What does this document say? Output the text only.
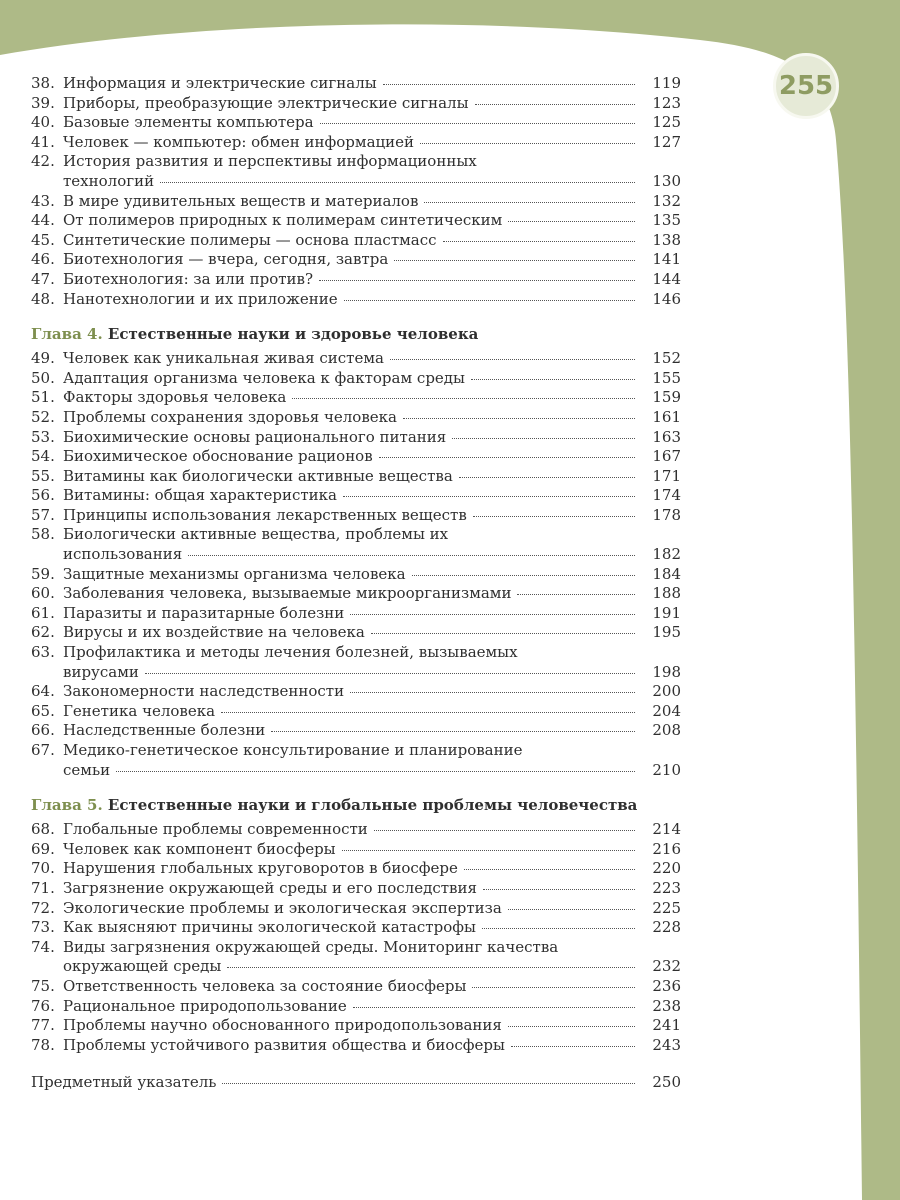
255
38. Информация и электрические сигналы	119
39. Приборы, преобразующие электрические сигналы	123
40. Базовые элементы компьютера	125
41. Человек — компьютер: обмен информацией	127
42. История развития и перспективы информационных
технологий	130
43. В мире удивительных веществ и материалов	132
44. От полимеров природных к полимерам синтетическим	135
45. Синтетические полимеры — основа пластмасс	138
46. Биотехнология — вчера, сегодня, завтра	141
47. Биотехнология: за или против?	144
48. Нанотехнологии и их приложение	146
Глава 4. Естественные науки и здоровье человека
49. Человек как уникальная живая система	152
50. Адаптация организма человека к факторам среды	155
51. Факторы здоровья человека	159
52. Проблемы сохранения здоровья человека	161
53. Биохимические основы рационального питания	163
54. Биохимическое обоснование рационов	167
55. Витамины как биологически активные вещества	171
56. Витамины: общая характеристика	174
57. Принципы использования лекарственных веществ	178
58. Биологически активные вещества, проблемы их
использования	182
59. Защитные механизмы организма человека	184
60. Заболевания человека, вызываемые микроорганизмами	188
61. Паразиты и паразитарные болезни	191
62. Вирусы и их воздействие на человека	195
63. Профилактика и методы лечения болезней, вызываемых
вирусами	198
64. Закономерности наследственности	200
65. Генетика человека	204
66. Наследственные болезни	208
67. Медико-генетическое консультирование и планирование
семьи	210
Глава 5. Естественные науки и глобальные проблемы человечества
68. Глобальные проблемы современности	214
69. Человек как компонент биосферы	216
70. Нарушения глобальных круговоротов в биосфере	220
71. Загрязнение окружающей среды и его последствия	223
72. Экологические проблемы и экологическая экспертиза	225
73. Как выясняют причины экологической катастрофы	228
74. Виды загрязнения окружающей среды. Мониторинг качества
окружающей среды	232
75. Ответственность человека за состояние биосферы	236
76. Рациональное природопользование	238
77. Проблемы научно обоснованного природопользования	241
78. Проблемы устойчивого развития общества и биосферы	243
Предметный указатель	250
